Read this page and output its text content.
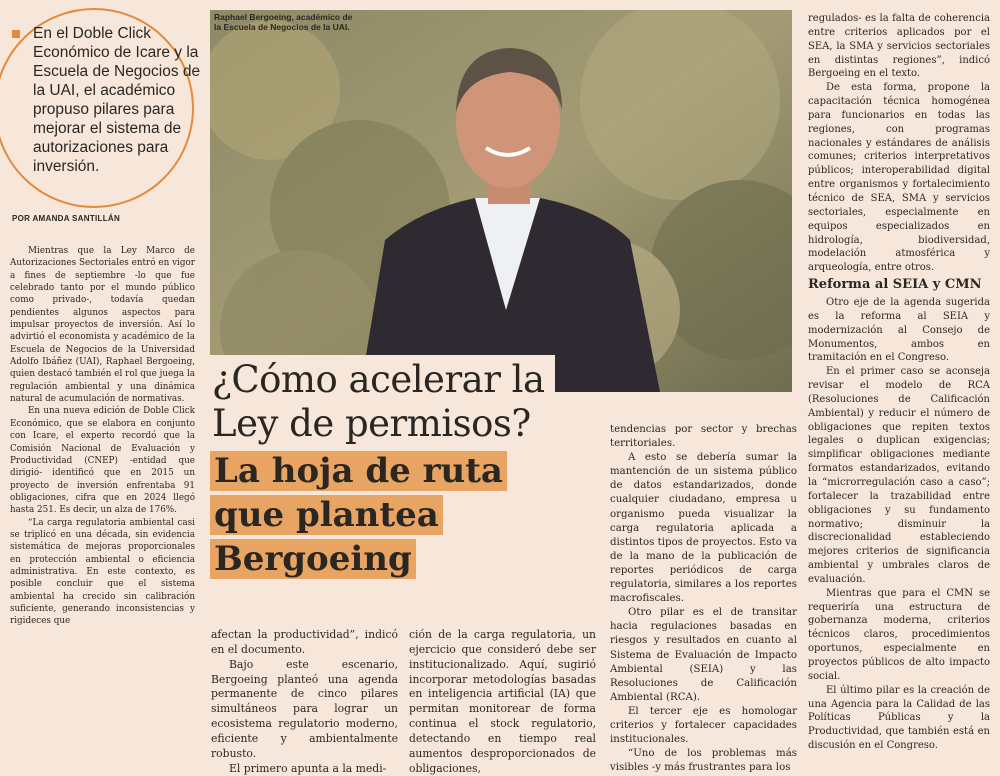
En el Doble Click Económico de Icare y la Escuela de Negocios de la UAI, el académico propuso pilares para mejorar el sistema de autorizaciones para inversión.
POR AMANDA SANTILLÁN
Raphael Bergoeing, académico de la Escuela de Negocios de la UAI.
¿Cómo acelerar la Ley de permisos?
La hoja de ruta
que plantea
Bergoeing

Mientras que la Ley Marco de Autorizaciones Sectoriales entró en vigor a fines de septiembre -lo que fue celebrado tanto por el mundo público como privado-, todavía quedan pendientes algunos aspectos para impulsar proyectos de inversión. Así lo advirtió el economista y académico de la Escuela de Negocios de la Universidad Adolfo Ibáñez (UAI), Raphael Bergoeing, quien destacó también el rol que juega la regulación ambiental y una dinámica natural de acumulación de normativas.

En una nueva edición de Doble Click Económico, que se elabora en conjunto con Icare, el experto recordó que la Comisión Nacional de Evaluación y Productividad (CNEP) -entidad que dirigió- identificó que en 2015 un proyecto de inversión enfrentaba 91 obligaciones, cifra que en 2024 llegó hasta 251. Es decir, un alza de 176%.

“La carga regulatoria ambiental casi se triplicó en una década, sin evidencia sistemática de mejoras proporcionales en protección ambiental o eficiencia administrativa. En este contexto, es posible concluir que el sistema ambiental ha crecido sin calibración suficiente, generando inconsistencias y rigideces que

afectan la productividad”, indicó en el documento.

Bajo este escenario, Bergoeing planteó una agenda permanente de cinco pilares simultáneos para lograr un ecosistema regulatorio moderno, eficiente y ambientalmente robusto.

El primero apunta a la medi-

ción de la carga regulatoria, un ejercicio que consideró debe ser institucionalizado. Aquí, sugirió incorporar metodologías basadas en inteligencia artificial (IA) que permitan monitorear de forma continua el stock regulatorio, detectando en tiempo real aumentos desproporcionados de obligaciones,

tendencias por sector y brechas territoriales.

A esto se debería sumar la mantención de un sistema público de datos estandarizados, donde cualquier ciudadano, empresa u organismo pueda visualizar la carga regulatoria aplicada a distintos tipos de proyectos. Esto va de la mano de la publicación de reportes periódicos de carga regulatoria, similares a los reportes macrofiscales.

Otro pilar es el de transitar hacia regulaciones basadas en riesgos y resultados en cuanto al Sistema de Evaluación de Impacto Ambiental (SEIA) y las Resoluciones de Calificación Ambiental (RCA).

El tercer eje es homologar criterios y fortalecer capacidades institucionales.

“Uno de los problemas más visibles -y más frustrantes para los

regulados- es la falta de coherencia entre criterios aplicados por el SEA, la SMA y servicios sectoriales en distintas regiones”, indicó Bergoeing en el texto.

De esta forma, propone la capacitación técnica homogénea para funcionarios en todas las regiones, con programas nacionales y estándares de análisis comunes; criterios interpretativos públicos; interoperabilidad digital entre organismos y fortalecimiento técnico de SEA, SMA y servicios sectoriales, especialmente en equipos especializados en hidrología, biodiversidad, modelación atmosférica y arqueología, entre otros.

Reforma al SEIA y CMN

Otro eje de la agenda sugerida es la reforma al SEIA y modernización al Consejo de Monumentos, ambos en tramitación en el Congreso.

En el primer caso se aconseja revisar el modelo de RCA (Resoluciones de Calificación Ambiental) y reducir el número de obligaciones que repiten textos legales o duplican exigencias; simplificar obligaciones mediante formatos estandarizados, evitando la “microrregulación caso a caso”; fortalecer la trazabilidad entre obligaciones y su fundamento normativo; disminuir la discrecionalidad estableciendo mejores criterios de significancia ambiental y umbrales claros de evaluación.

Mientras que para el CMN se requeriría una estructura de gobernanza moderna, criterios técnicos claros, procedimientos oportunos, especialmente en proyectos públicos de alto impacto social.

El último pilar es la creación de una Agencia para la Calidad de las Políticas Públicas y la Productividad, que también está en discusión en el Congreso.
